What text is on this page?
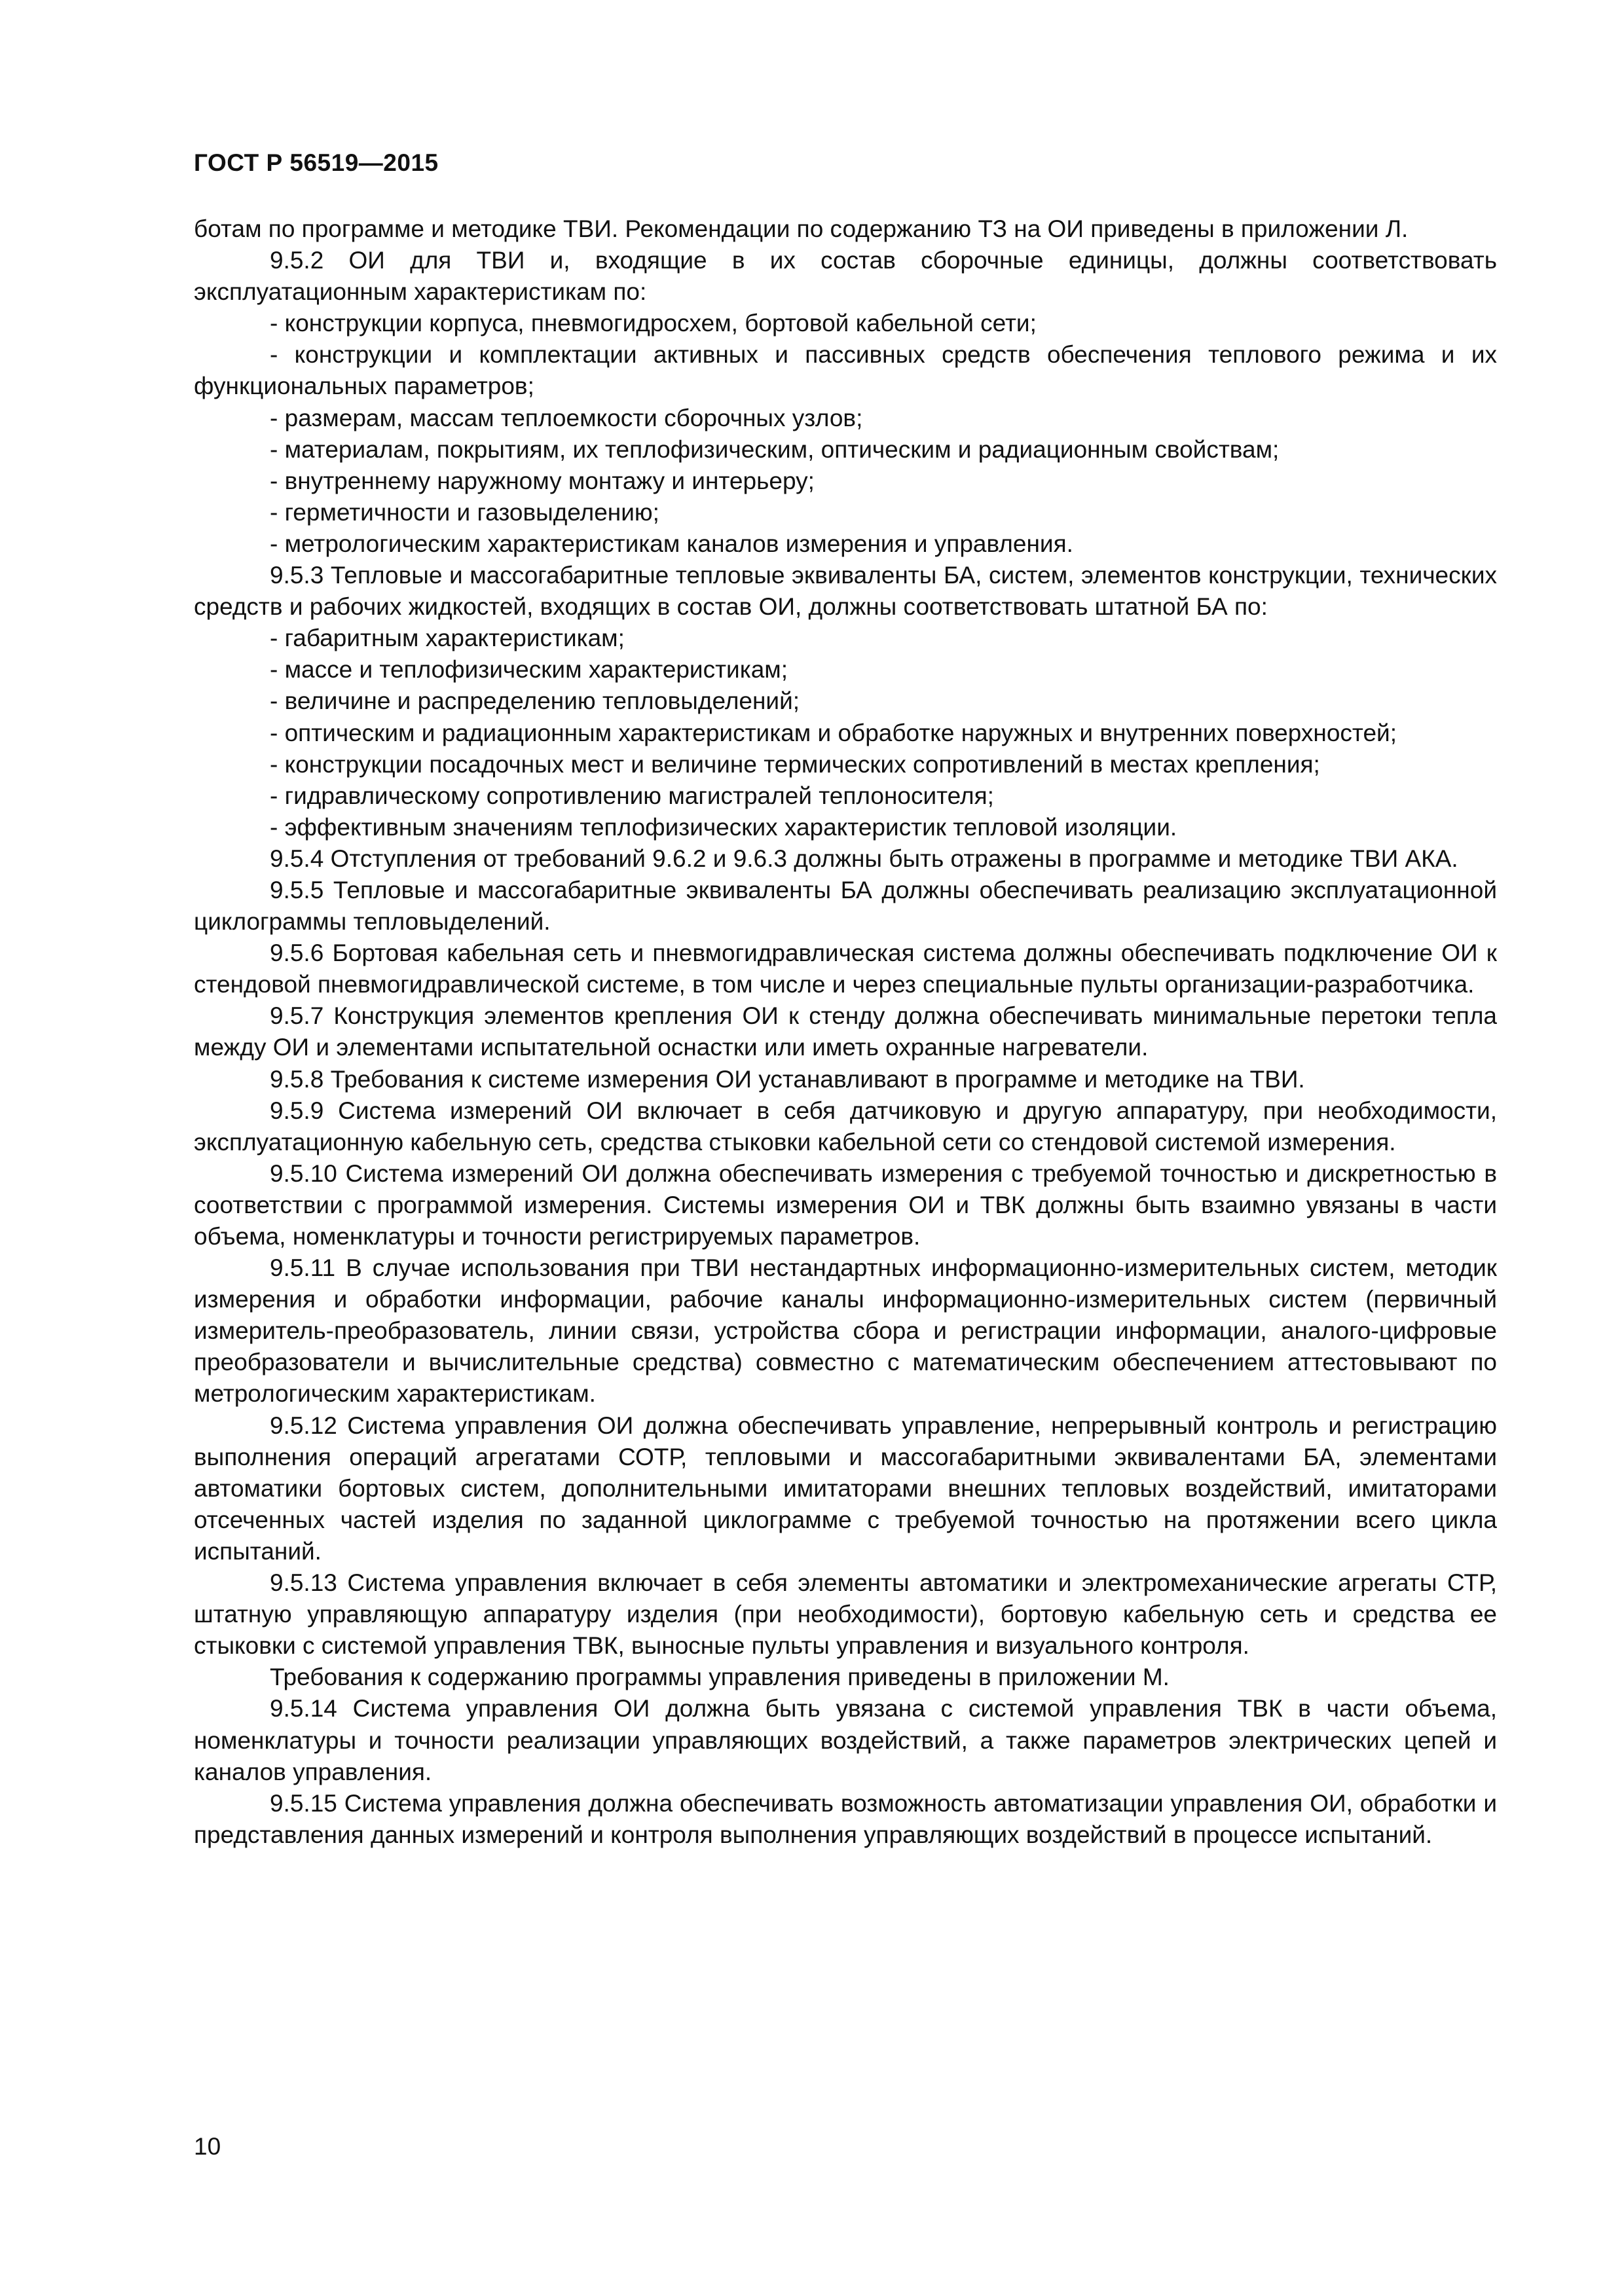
ГОСТ Р 56519—2015

ботам по программе и методике ТВИ. Рекомендации по содержанию ТЗ на ОИ приведены в приложении Л.

9.5.2 ОИ для ТВИ и, входящие в их состав сборочные единицы, должны соответствовать эксплуатационным характеристикам по:

- конструкции корпуса, пневмогидросхем, бортовой кабельной сети;

- конструкции и комплектации активных и пассивных средств обеспечения теплового режима и их функциональных параметров;

- размерам, массам теплоемкости сборочных узлов;

- материалам, покрытиям, их теплофизическим, оптическим и радиационным свойствам;

- внутреннему наружному монтажу и интерьеру;

- герметичности и газовыделению;

- метрологическим характеристикам каналов измерения и управления.

9.5.3 Тепловые и массогабаритные тепловые эквиваленты БА, систем, элементов конструкции, технических средств и рабочих жидкостей, входящих в состав ОИ, должны соответствовать штатной БА по:

- габаритным характеристикам;

- массе и теплофизическим характеристикам;

- величине и распределению тепловыделений;

- оптическим и радиационным характеристикам и обработке наружных и внутренних поверхностей;

- конструкции посадочных мест и величине термических сопротивлений в местах крепления;

- гидравлическому сопротивлению магистралей теплоносителя;

- эффективным значениям теплофизических характеристик тепловой изоляции.

9.5.4 Отступления от требований 9.6.2 и 9.6.3 должны быть отражены в программе и методике ТВИ АКА.

9.5.5 Тепловые и массогабаритные эквиваленты БА должны обеспечивать реализацию эксплуатационной циклограммы тепловыделений.

9.5.6 Бортовая кабельная сеть и пневмогидравлическая система должны обеспечивать подключение ОИ к стендовой пневмогидравлической системе, в том числе и через специальные пульты организации-разработчика.

9.5.7 Конструкция элементов крепления ОИ к стенду должна обеспечивать минимальные перетоки тепла между ОИ и элементами испытательной оснастки или иметь охранные нагреватели.

9.5.8 Требования к системе измерения ОИ устанавливают в программе и методике на ТВИ.

9.5.9 Система измерений ОИ включает в себя датчиковую и другую аппаратуру, при необходимости, эксплуатационную кабельную сеть, средства стыковки кабельной сети со стендовой системой измерения.

9.5.10 Система измерений ОИ должна обеспечивать измерения с требуемой точностью и дискретностью в соответствии с программой измерения. Системы измерения ОИ и ТВК должны быть взаимно увязаны в части объема, номенклатуры и точности регистрируемых параметров.

9.5.11 В случае использования при ТВИ нестандартных информационно-измерительных систем, методик измерения и обработки информации, рабочие каналы информационно-измерительных систем (первичный измеритель-преобразователь, линии связи, устройства сбора и регистрации информации, аналого-цифровые преобразователи и вычислительные средства) совместно с математическим обеспечением аттестовывают по метрологическим характеристикам.

9.5.12 Система управления ОИ должна обеспечивать управление, непрерывный контроль и регистрацию выполнения операций агрегатами СОТР, тепловыми и массогабаритными эквивалентами БА, элементами автоматики бортовых систем, дополнительными имитаторами внешних тепловых воздействий, имитаторами отсеченных частей изделия по заданной циклограмме с требуемой точностью на протяжении всего цикла испытаний.

9.5.13 Система управления включает в себя элементы автоматики и электромеханические агрегаты СТР, штатную управляющую аппаратуру изделия (при необходимости), бортовую кабельную сеть и средства ее стыковки с системой управления ТВК, выносные пульты управления и визуального контроля.

Требования к содержанию программы управления приведены в приложении М.

9.5.14 Система управления ОИ должна быть увязана с системой управления ТВК в части объема, номенклатуры и точности реализации управляющих воздействий, а также параметров электрических цепей и каналов управления.

9.5.15 Система управления должна обеспечивать возможность автоматизации управления ОИ, обработки и представления данных измерений и контроля выполнения управляющих воздействий в процессе испытаний.

10
